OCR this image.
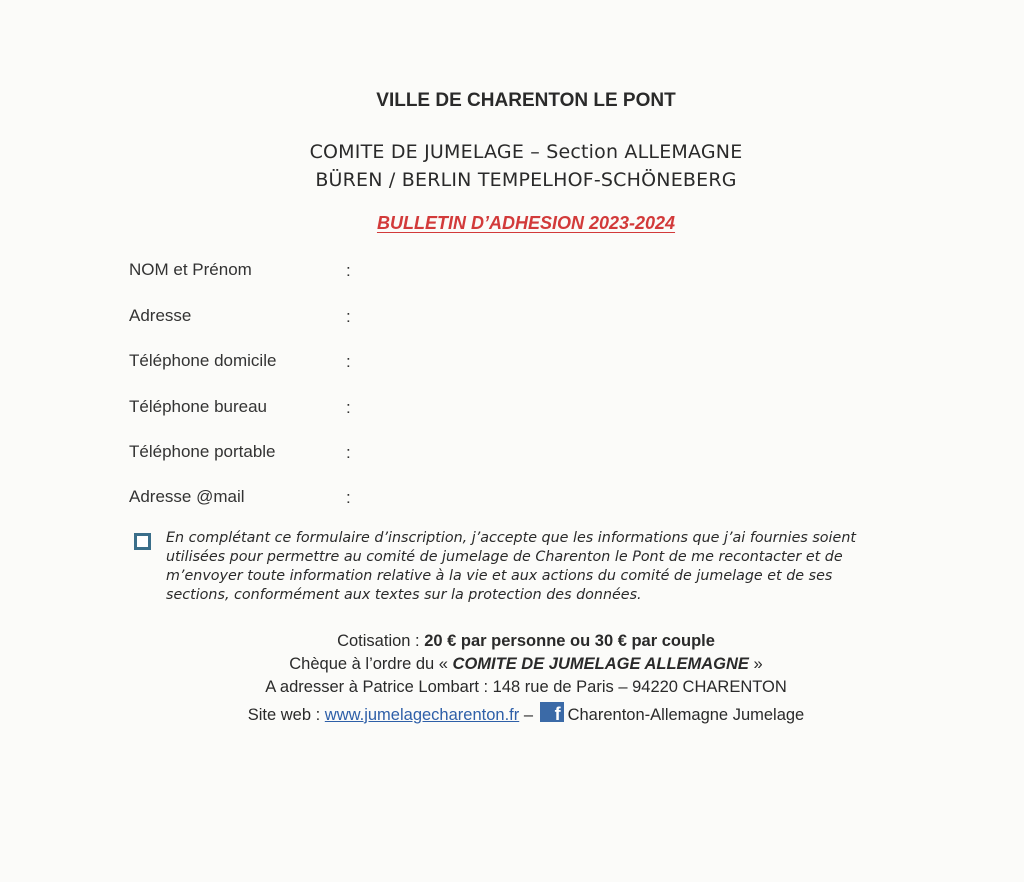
VILLE DE CHARENTON LE PONT
COMITE DE JUMELAGE – Section ALLEMAGNE
BÜREN / BERLIN TEMPELHOF-SCHÖNEBERG
BULLETIN D’ADHESION 2023-2024
NOM et Prénom	:
Adresse	:
Téléphone domicile	:
Téléphone bureau	:
Téléphone portable	:
Adresse @mail	:
En complétant ce formulaire d’inscription, j’accepte que les informations que j’ai fournies soient
utilisées pour permettre au comité de jumelage de Charenton le Pont de me recontacter et de
m’envoyer toute information relative à la vie et aux actions du comité de jumelage et de ses
sections, conformément aux textes sur la protection des données.
Cotisation : 20 € par personne ou 30 € par couple
Chèque à l’ordre du « COMITE DE JUMELAGE ALLEMAGNE »
A adresser à Patrice Lombart : 148 rue de Paris – 94220 CHARENTON
Site web : www.jumelagecharenton.fr – f Charenton-Allemagne Jumelage
